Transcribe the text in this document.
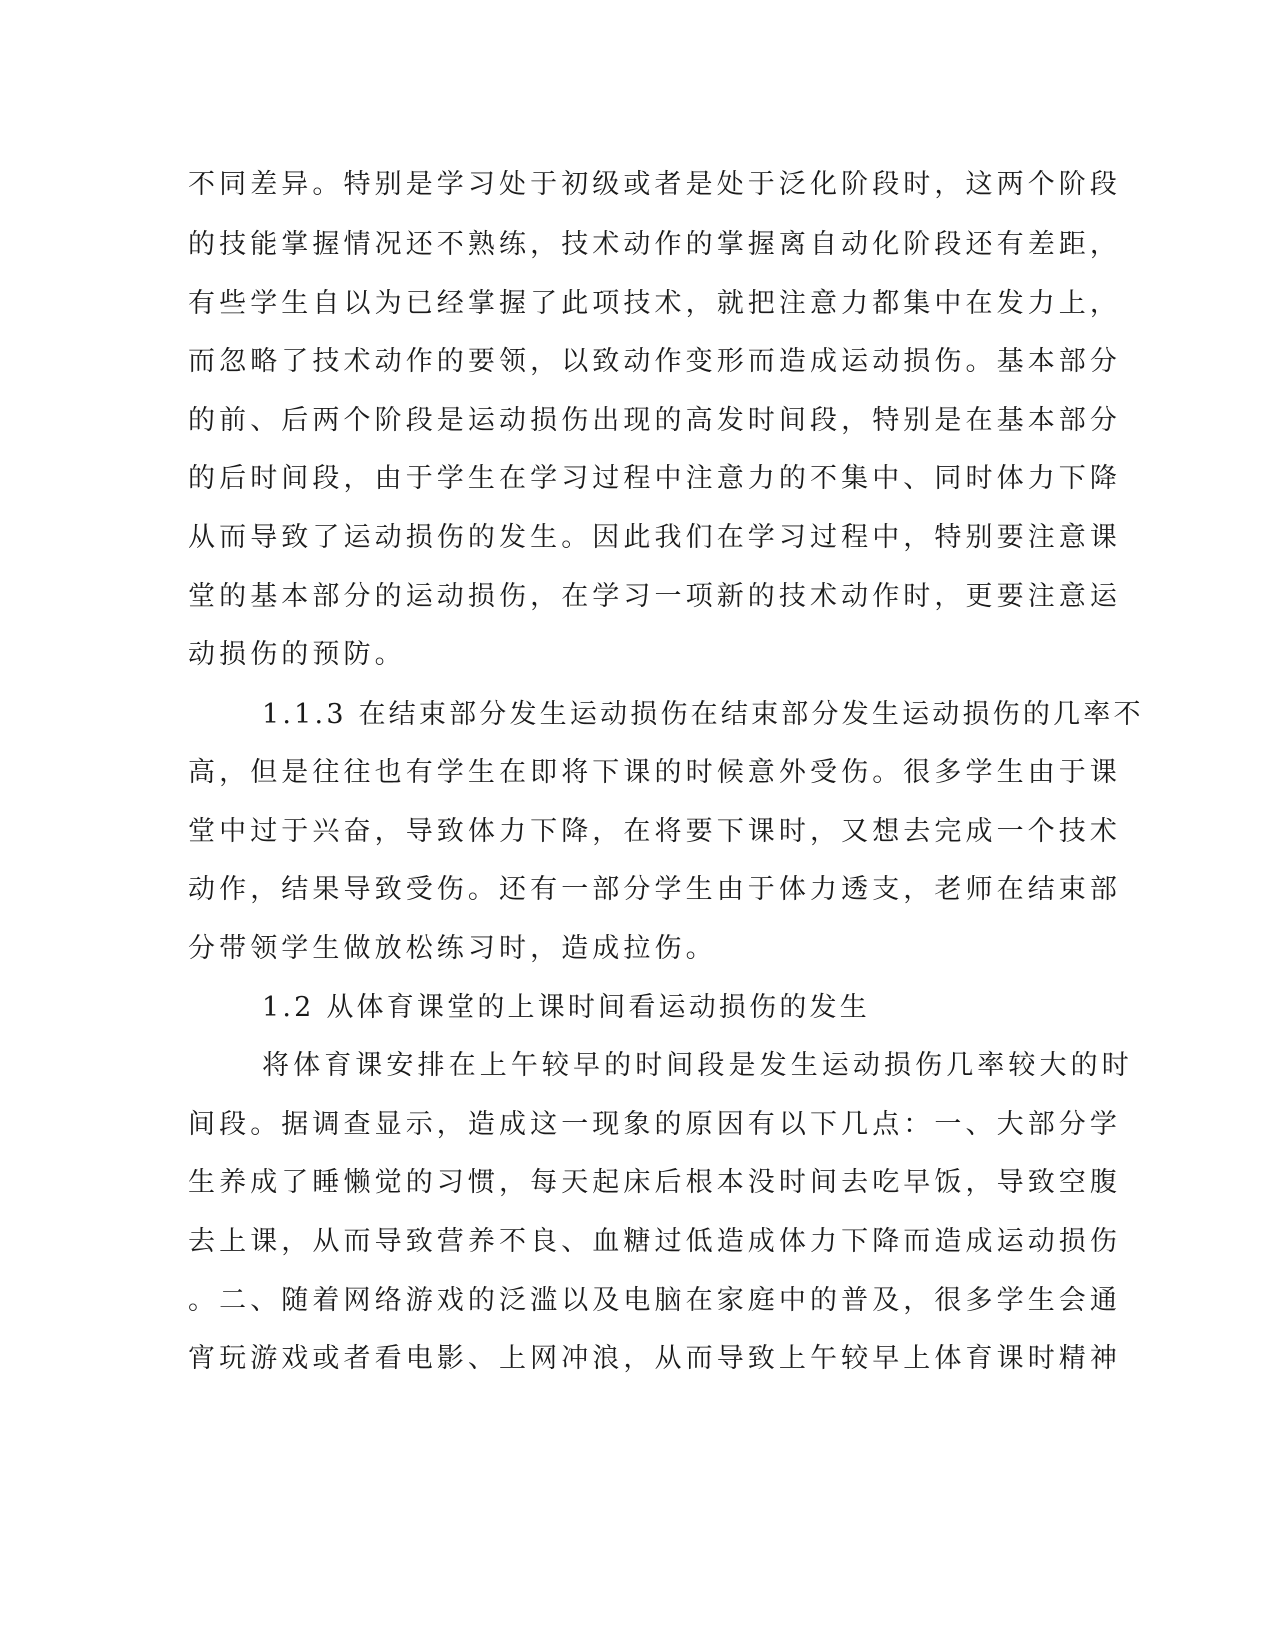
不同差异。特别是学习处于初级或者是处于泛化阶段时，这两个阶段
的技能掌握情况还不熟练，技术动作的掌握离自动化阶段还有差距，
有些学生自以为已经掌握了此项技术，就把注意力都集中在发力上，
而忽略了技术动作的要领，以致动作变形而造成运动损伤。基本部分
的前、后两个阶段是运动损伤出现的高发时间段，特别是在基本部分
的后时间段，由于学生在学习过程中注意力的不集中、同时体力下降
从而导致了运动损伤的发生。因此我们在学习过程中，特别要注意课
堂的基本部分的运动损伤，在学习一项新的技术动作时，更要注意运
动损伤的预防。
1.1.3 在结束部分发生运动损伤在结束部分发生运动损伤的几率不
高，但是往往也有学生在即将下课的时候意外受伤。很多学生由于课
堂中过于兴奋，导致体力下降，在将要下课时，又想去完成一个技术
动作，结果导致受伤。还有一部分学生由于体力透支，老师在结束部
分带领学生做放松练习时，造成拉伤。
1.2 从体育课堂的上课时间看运动损伤的发生
将体育课安排在上午较早的时间段是发生运动损伤几率较大的时
间段。据调查显示，造成这一现象的原因有以下几点：一、大部分学
生养成了睡懒觉的习惯，每天起床后根本没时间去吃早饭，导致空腹
去上课，从而导致营养不良、血糖过低造成体力下降而造成运动损伤
。二、随着网络游戏的泛滥以及电脑在家庭中的普及，很多学生会通
宵玩游戏或者看电影、上网冲浪，从而导致上午较早上体育课时精神
